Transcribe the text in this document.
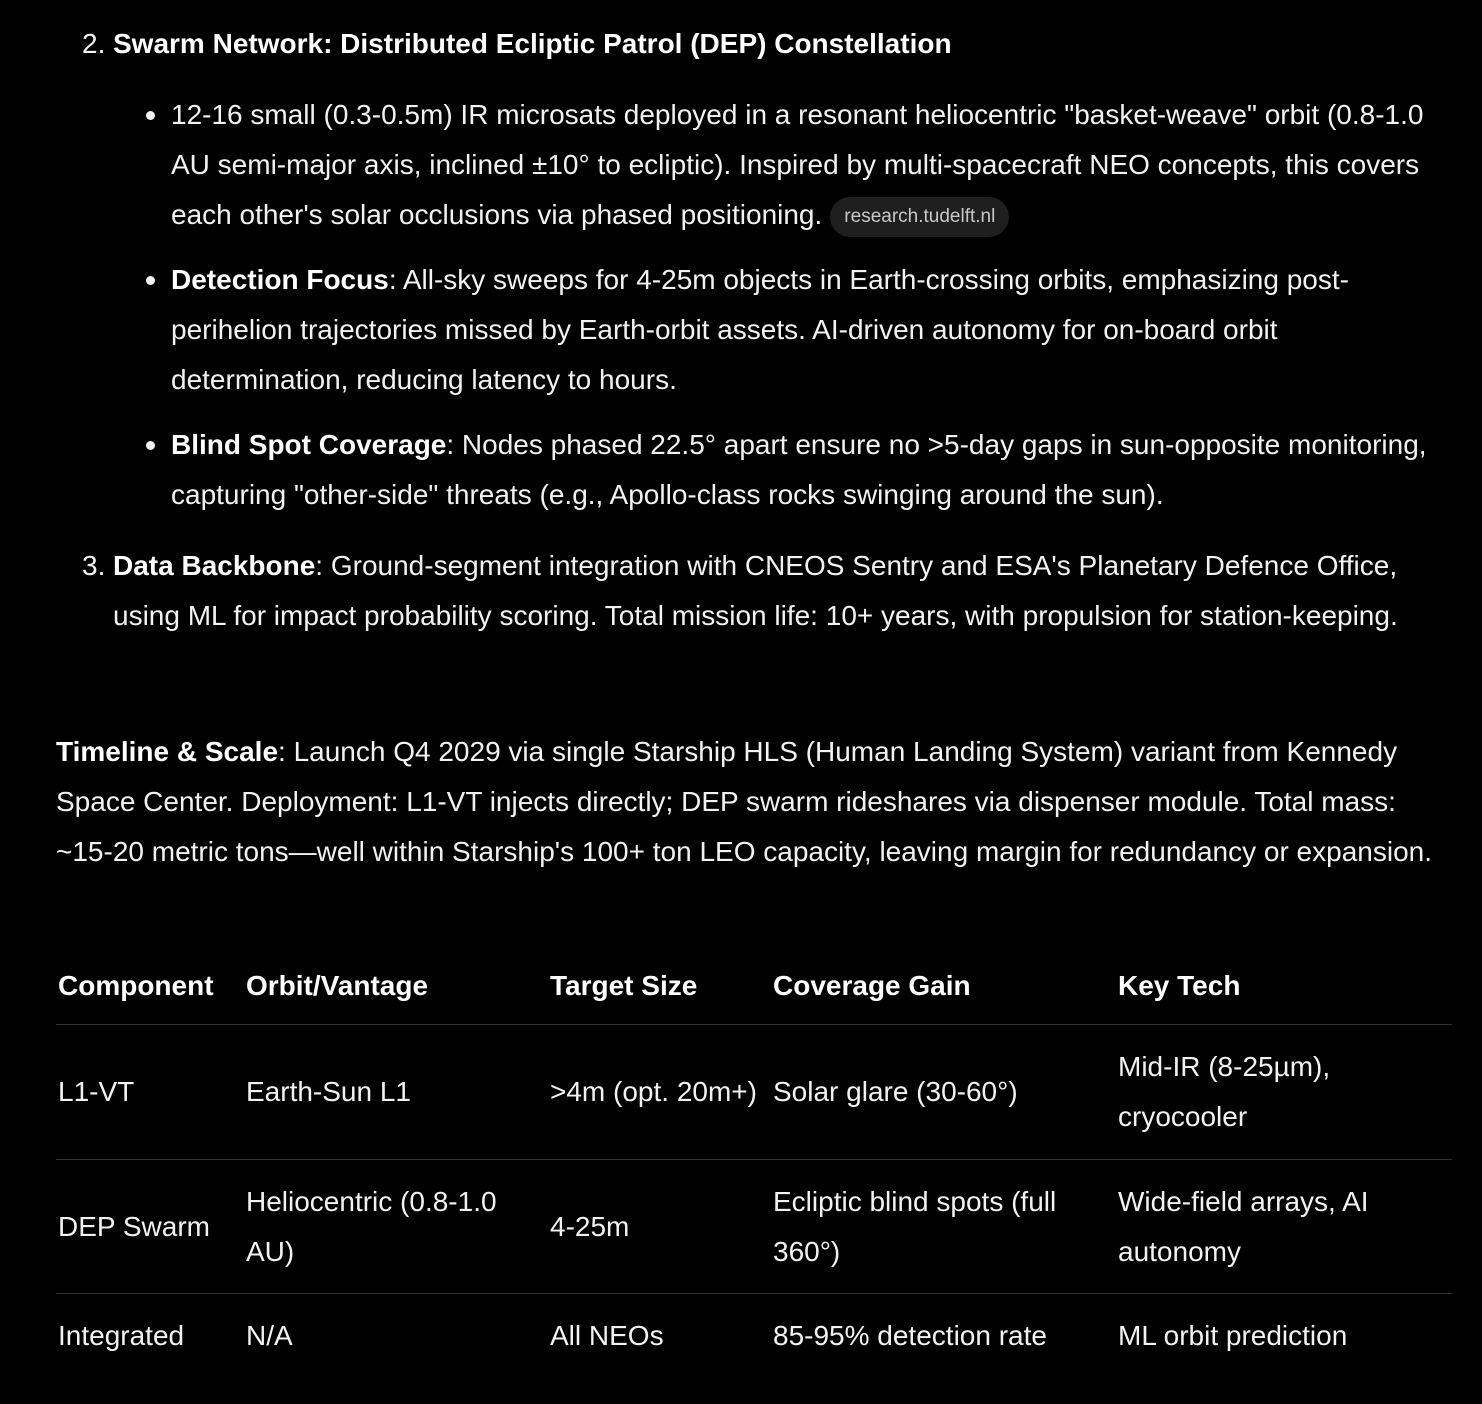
2. Swarm Network: Distributed Ecliptic Patrol (DEP) Constellation
12-16 small (0.3-0.5m) IR microsats deployed in a resonant heliocentric "basket-weave" orbit (0.8-1.0 AU semi-major axis, inclined ±10° to ecliptic). Inspired by multi-spacecraft NEO concepts, this covers each other's solar occlusions via phased positioning. research.tudelft.nl
Detection Focus: All-sky sweeps for 4-25m objects in Earth-crossing orbits, emphasizing post-perihelion trajectories missed by Earth-orbit assets. AI-driven autonomy for on-board orbit determination, reducing latency to hours.
Blind Spot Coverage: Nodes phased 22.5° apart ensure no >5-day gaps in sun-opposite monitoring, capturing "other-side" threats (e.g., Apollo-class rocks swinging around the sun).
3. Data Backbone: Ground-segment integration with CNEOS Sentry and ESA's Planetary Defence Office, using ML for impact probability scoring. Total mission life: 10+ years, with propulsion for station-keeping.
Timeline & Scale: Launch Q4 2029 via single Starship HLS (Human Landing System) variant from Kennedy Space Center. Deployment: L1-VT injects directly; DEP swarm rideshares via dispenser module. Total mass: ~15-20 metric tons—well within Starship's 100+ ton LEO capacity, leaving margin for redundancy or expansion.
Component	Orbit/Vantage	Target Size	Coverage Gain	Key Tech
L1-VT	Earth-Sun L1	>4m (opt. 20m+)	Solar glare (30-60°)	Mid-IR (8-25µm), cryocooler
DEP Swarm	Heliocentric (0.8-1.0 AU)	4-25m	Ecliptic blind spots (full 360°)	Wide-field arrays, AI autonomy
Integrated	N/A	All NEOs	85-95% detection rate	ML orbit prediction
